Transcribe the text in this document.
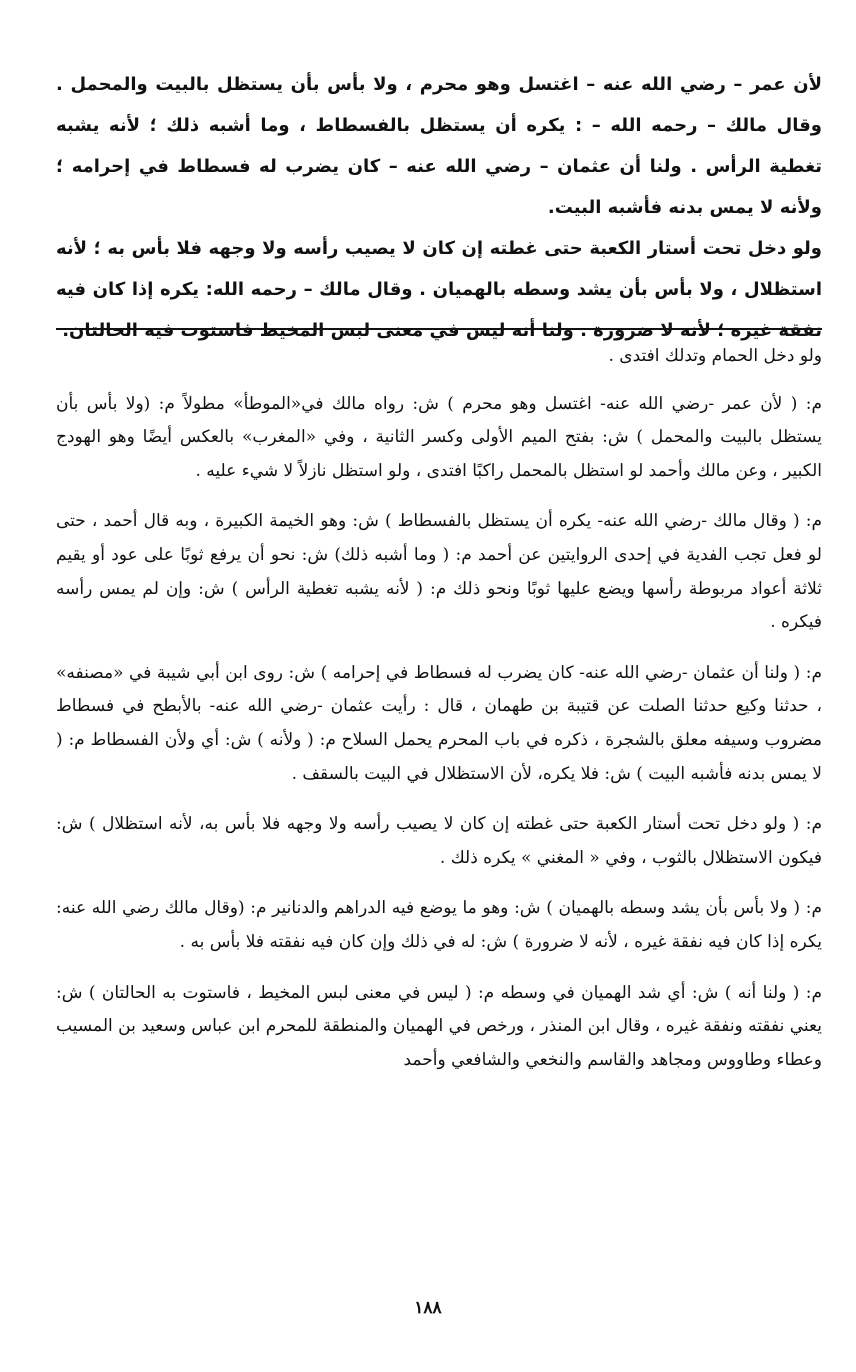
لأن عمر – رضي الله عنه – اغتسل وهو محرم ، ولا بأس بأن يستظل بالبيت والمحمل . وقال مالك – رحمه الله – : يكره أن يستظل بالفسطاط ، وما أشبه ذلك ؛ لأنه يشبه تغطية الرأس . ولنا أن عثمان – رضي الله عنه – كان يضرب له فسطاط في إحرامه ؛ ولأنه لا يمس بدنه فأشبه البيت.

ولو دخل تحت أستار الكعبة حتى غطته إن كان لا يصيب رأسه ولا وجهه فلا بأس به ؛ لأنه استظلال ، ولا بأس بأن يشد وسطه بالهميان . وقال مالك – رحمه الله: يكره إذا كان فيه نفقة غيره ؛ لأنه لا ضرورة . ولنا أنه ليس في معنى لبس المخيط فاستوت فيه الحالتان.

ولو دخل الحمام وتدلك افتدى .

م: ( لأن عمر -رضي الله عنه- اغتسل وهو محرم ) ش: رواه مالك في«الموطأ» مطولاً م: (ولا بأس بأن يستظل بالبيت والمحمل ) ش: بفتح الميم الأولى وكسر الثانية ، وفي «المغرب» بالعكس أيضًا وهو الهودج الكبير ، وعن مالك وأحمد لو استظل بالمحمل راكبًا افتدى ، ولو استظل نازلاً لا شيء عليه .

م: ( وقال مالك -رضي الله عنه- يكره أن يستظل بالفسطاط ) ش: وهو الخيمة الكبيرة ، وبه قال أحمد ، حتى لو فعل تجب الفدية في إحدى الروايتين عن أحمد م: ( وما أشبه ذلك) ش: نحو أن يرفع ثوبًا على عود أو يقيم ثلاثة أعواد مربوطة رأسها ويضع عليها ثوبًا ونحو ذلك م: ( لأنه يشبه تغطية الرأس ) ش: وإن لم يمس رأسه فيكره .

م: ( ولنا أن عثمان -رضي الله عنه- كان يضرب له فسطاط في إحرامه ) ش: روى ابن أبي شيبة في «مصنفه» ، حدثنا وكيع حدثنا الصلت عن قتيبة بن طهمان ، قال : رأيت عثمان -رضي الله عنه- بالأبطح في فسطاط مضروب وسيفه معلق بالشجرة ، ذكره في باب المحرم يحمل السلاح م: ( ولأنه ) ش: أي ولأن الفسطاط م: ( لا يمس بدنه فأشبه البيت ) ش: فلا يكره، لأن الاستظلال في البيت بالسقف .

م: ( ولو دخل تحت أستار الكعبة حتى غطته إن كان لا يصيب رأسه ولا وجهه فلا بأس به، لأنه استظلال ) ش: فيكون الاستظلال بالثوب ، وفي « المغني » يكره ذلك .

م: ( ولا بأس بأن يشد وسطه بالهميان ) ش: وهو ما يوضع فيه الدراهم والدنانير م: (وقال مالك رضي الله عنه: يكره إذا كان فيه نفقة غيره ، لأنه لا ضرورة ) ش: له في ذلك وإن كان فيه نفقته فلا بأس به .

م: ( ولنا أنه ) ش: أي شد الهميان في وسطه م: ( ليس في معنى لبس المخيط ، فاستوت به الحالتان ) ش: يعني نفقته ونفقة غيره ، وقال ابن المنذر ، ورخص في الهميان والمنطقة للمحرم ابن عباس وسعيد بن المسيب وعطاء وطاووس ومجاهد والقاسم والنخعي والشافعي وأحمد

١٨٨
